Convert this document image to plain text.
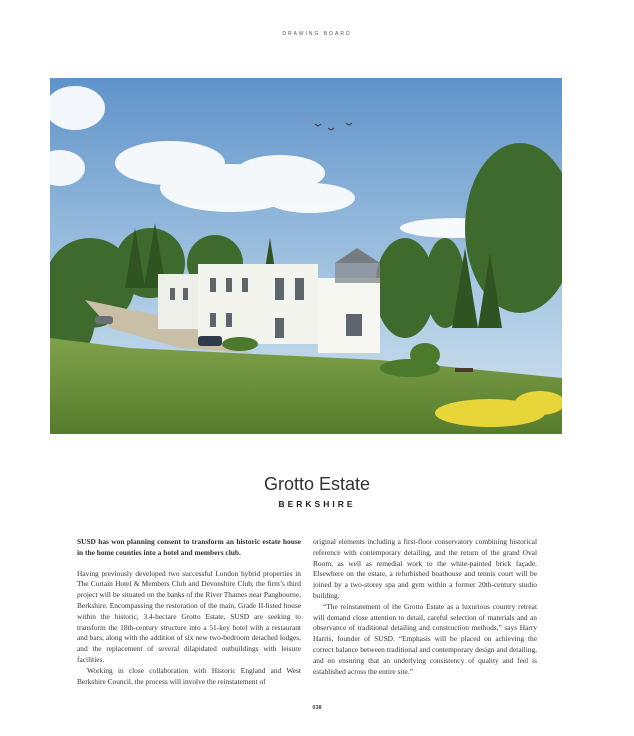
DRAWING BOARD
Grotto Estate
BERKSHIRE

SUSD has won planning consent to transform an historic estate house in the home counties into a hotel and members club.

Having previously developed two successful London hybrid properties in The Curtain Hotel & Members Club and Devonshire Club, the firm’s third project will be situated on the banks of the River Thames near Pangbourne, Berkshire. Encompassing the restoration of the main, Grade II-listed house within the historic, 3.4-hectare Grotto Estate, SUSD are seeking to transform the 18th-century structure into a 51-key hotel with a restaurant and bars, along with the addition of six new two-bedroom detached lodges, and the replacement of several dilapidated outbuildings with leisure facilities.

Working in close collaboration with Historic England and West Berkshire Council, the process will involve the reinstatement of

original elements including a first-floor conservatory combining historical reference with contemporary detailing, and the return of the grand Oval Room, as well as remedial work to the white-painted brick façade. Elsewhere on the estate, a refurbished boathouse and tennis court will be joined by a two-storey spa and gym within a former 20th-century studio building.

“The reinstatement of the Grotto Estate as a luxurious country retreat will demand close attention to detail, careful selection of materials and an observance of traditional detailing and construction methods,” says Harry Harris, founder of SUSD. “Emphasis will be placed on achieving the correct balance between traditional and contemporary design and detailing, and on ensuring that an underlying consistency of quality and feel is established across the entire site.”

038
